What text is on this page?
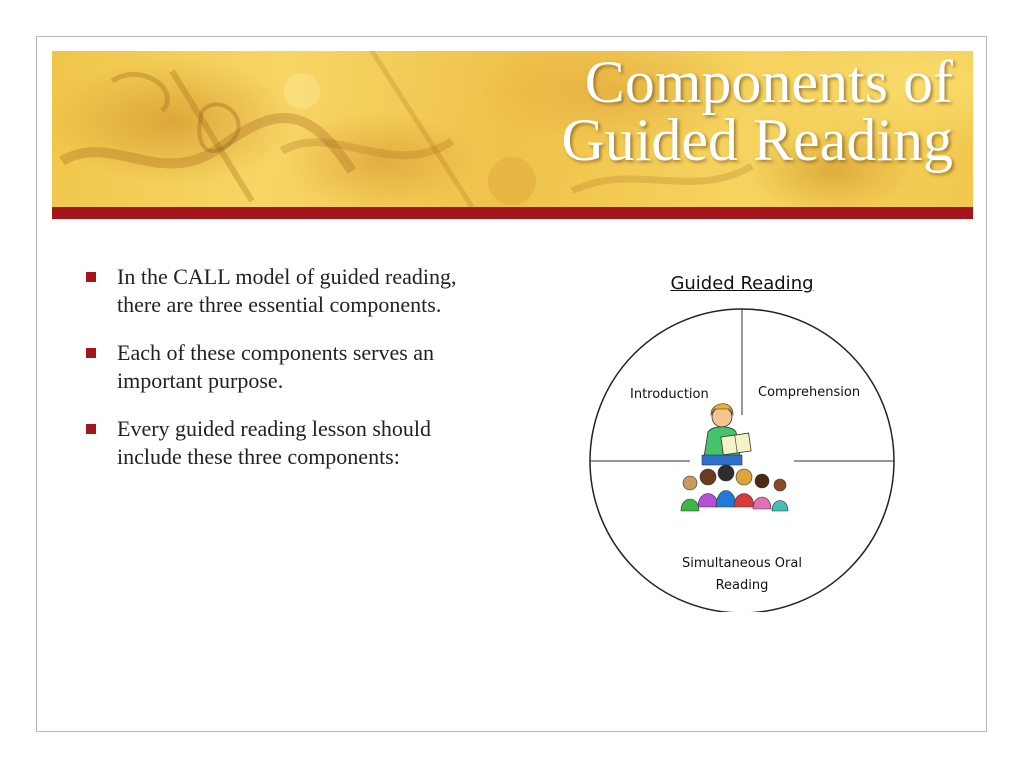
Components of
Guided Reading
In the CALL model of guided reading, there are three essential components.
Each of these components serves an important purpose.
Every guided reading lesson should include these three components:
Guided Reading
Introduction	Comprehension
Simultaneous Oral Reading
